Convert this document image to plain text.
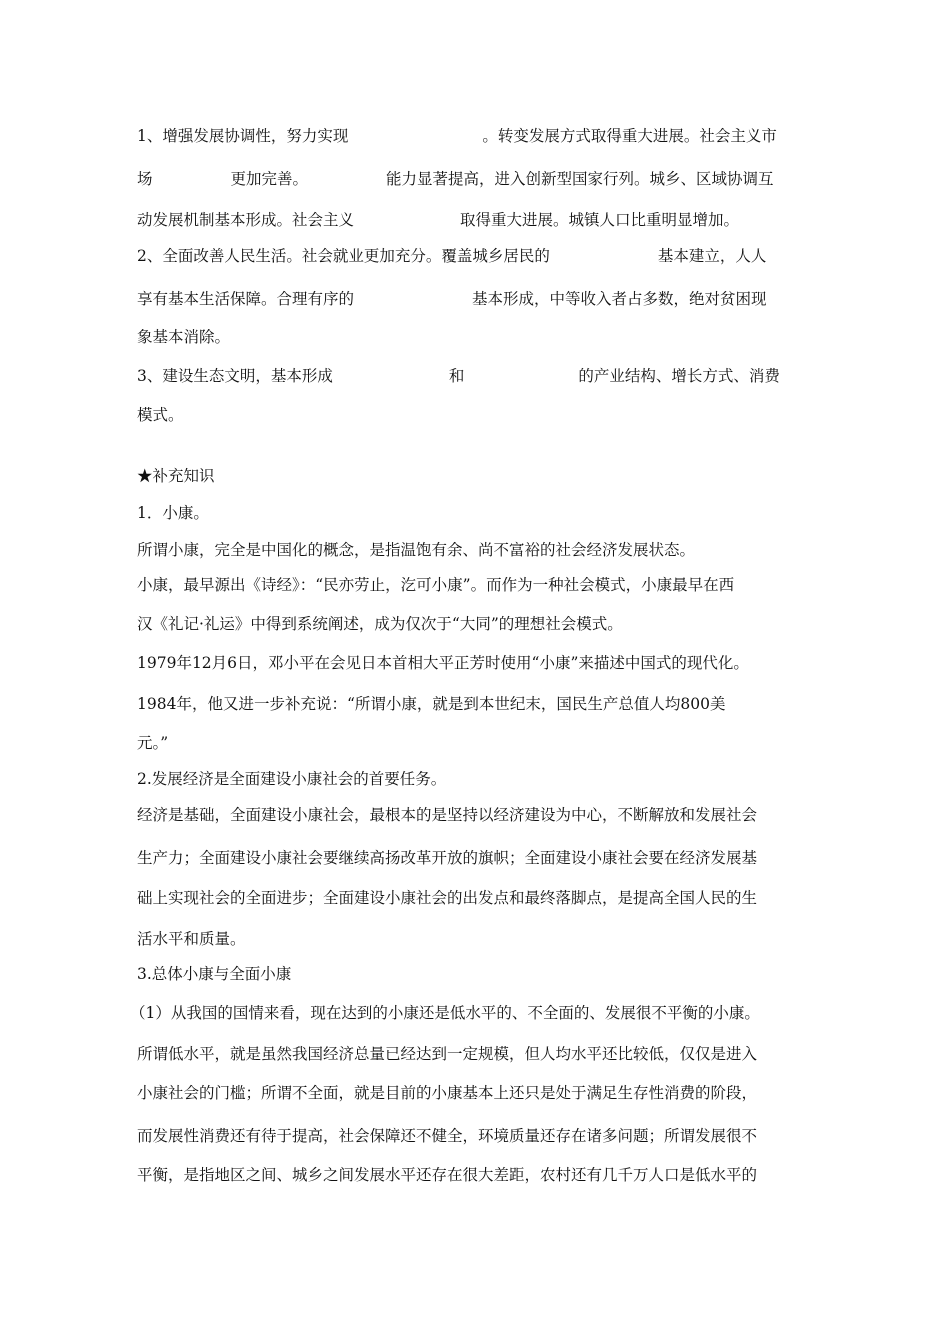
1、增强发展协调性，努力实现	。转变发展方式取得重大进展。社会主义市
场	更加完善。	能力显著提高，进入创新型国家行列。城乡、区域协调互
动发展机制基本形成。社会主义	取得重大进展。城镇人口比重明显增加。
2、全面改善人民生活。社会就业更加充分。覆盖城乡居民的	基本建立，人人
享有基本生活保障。合理有序的	基本形成，中等收入者占多数，绝对贫困现
象基本消除。
3、建设生态文明，基本形成	和	的产业结构、增长方式、消费
模式。
★补充知识
1．小康。
所谓小康，完全是中国化的概念，是指温饱有余、尚不富裕的社会经济发展状态。
小康，最早源出《诗经》：“民亦劳止，汔可小康”。而作为一种社会模式，小康最早在西
汉《礼记·礼运》中得到系统阐述，成为仅次于“大同”的理想社会模式。
1979年12月6日，邓小平在会见日本首相大平正芳时使用“小康”来描述中国式的现代化。
1984年，他又进一步补充说：“所谓小康，就是到本世纪末，国民生产总值人均800美
元。”
2.发展经济是全面建设小康社会的首要任务。
经济是基础，全面建设小康社会，最根本的是坚持以经济建设为中心，不断解放和发展社会
生产力；全面建设小康社会要继续高扬改革开放的旗帜；全面建设小康社会要在经济发展基
础上实现社会的全面进步；全面建设小康社会的出发点和最终落脚点，是提高全国人民的生
活水平和质量。
3.总体小康与全面小康
（1）从我国的国情来看，现在达到的小康还是低水平的、不全面的、发展很不平衡的小康。
所谓低水平，就是虽然我国经济总量已经达到一定规模，但人均水平还比较低，仅仅是进入
小康社会的门槛；所谓不全面，就是目前的小康基本上还只是处于满足生存性消费的阶段，
而发展性消费还有待于提高，社会保障还不健全，环境质量还存在诸多问题；所谓发展很不
平衡，是指地区之间、城乡之间发展水平还存在很大差距，农村还有几千万人口是低水平的
